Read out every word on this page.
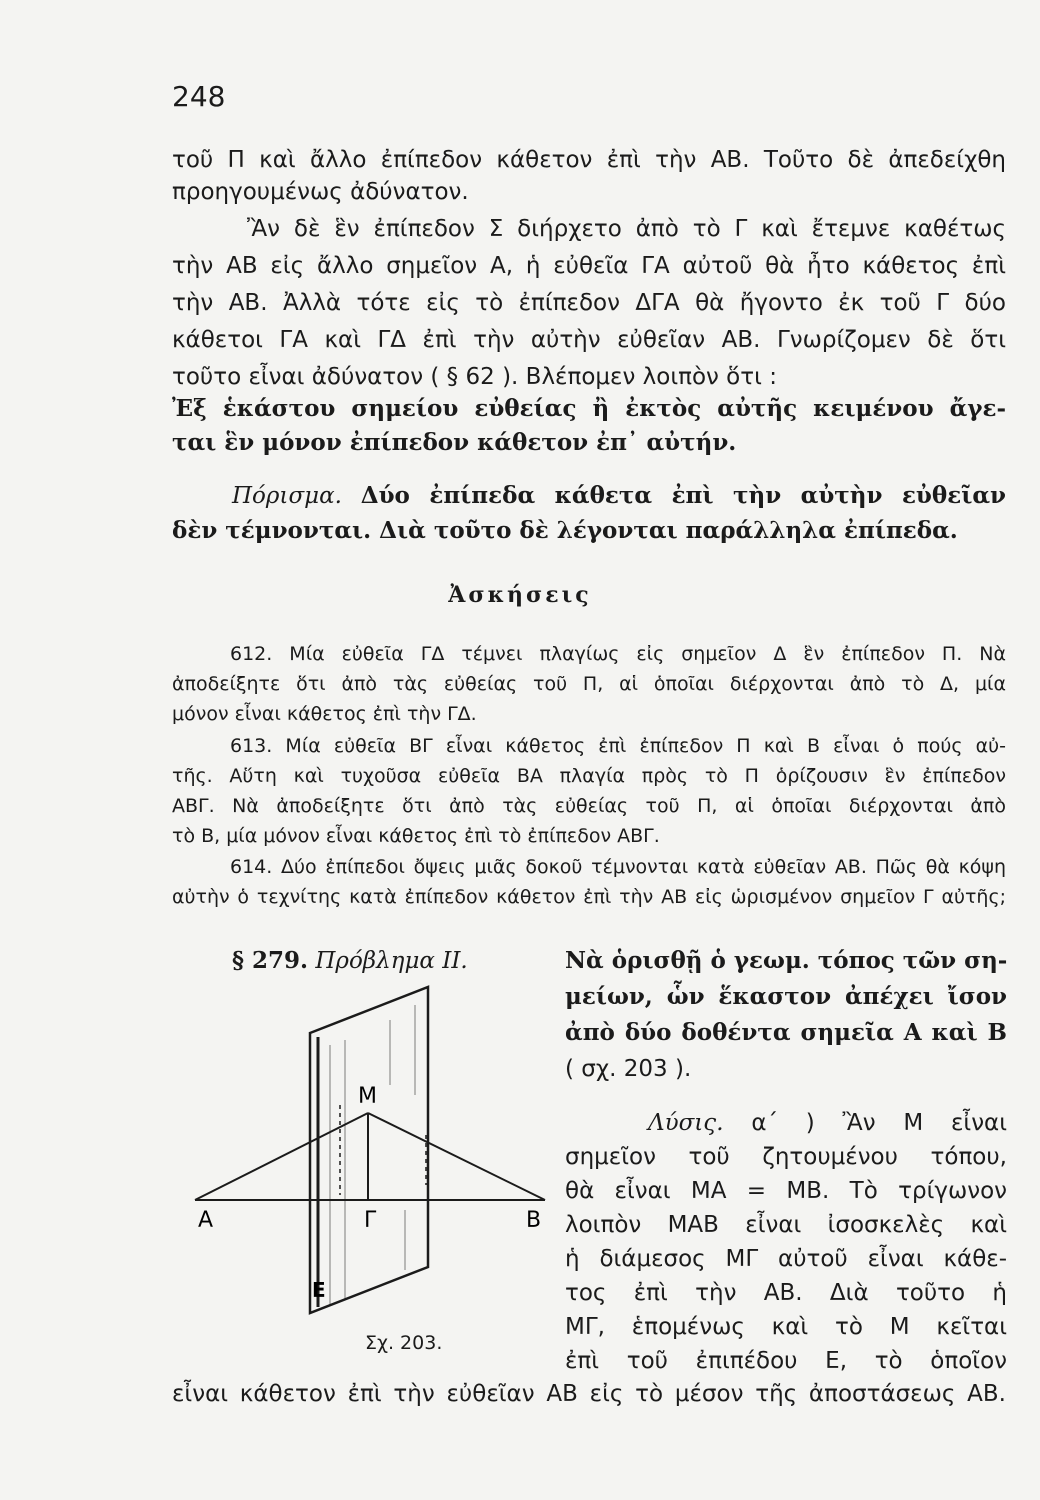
248
τοῦ Π καὶ ἄλλο ἐπίπεδον κάθετον ἐπὶ τὴν ΑΒ. Τοῦτο δὲ ἀπεδείχθη
προηγουμένως ἀδύνατον.
Ἂν δὲ ἓν ἐπίπεδον Σ διήρχετο ἀπὸ τὸ Γ καὶ ἔτεμνε καθέτως
τὴν ΑΒ εἰς ἄλλο σημεῖον Α, ἡ εὐθεῖα ΓΑ αὐτοῦ θὰ ἦτο κάθετος ἐπὶ
τὴν ΑΒ. Ἀλλὰ τότε εἰς τὸ ἐπίπεδον ΔΓΑ θὰ ἤγοντο ἐκ τοῦ Γ δύο
κάθετοι ΓΑ καὶ ΓΔ ἐπὶ τὴν αὐτὴν εὐθεῖαν ΑΒ. Γνωρίζομεν δὲ ὅτι
τοῦτο εἶναι ἀδύνατον ( § 62 ). Βλέπομεν λοιπὸν ὅτι :
Ἐξ ἑκάστου σημείου εὐθείας ἢ ἐκτὸς αὐτῆς κειμένου ἄγε-
ται ἓν μόνον ἐπίπεδον κάθετον ἐπ᾽ αὐτήν.
Πόρισμα. Δύο ἐπίπεδα κάθετα ἐπὶ τὴν αὐτὴν εὐθεῖαν
δὲν τέμνονται. Διὰ τοῦτο δὲ λέγονται παράλληλα ἐπίπεδα.
Ἀσκήσεις
612. Μία εὐθεῖα ΓΔ τέμνει πλαγίως εἰς σημεῖον Δ ἓν ἐπίπεδον Π. Νὰ
ἀποδείξητε ὅτι ἀπὸ τὰς εὐθείας τοῦ Π, αἱ ὁποῖαι διέρχονται ἀπὸ τὸ Δ, μία
μόνον εἶναι κάθετος ἐπὶ τὴν ΓΔ.
613. Μία εὐθεῖα ΒΓ εἶναι κάθετος ἐπὶ ἐπίπεδον Π καὶ Β εἶναι ὁ πούς αὐ-
τῆς. Αὕτη καὶ τυχοῦσα εὐθεῖα ΒΑ πλαγία πρὸς τὸ Π ὁρίζουσιν ἓν ἐπίπεδον
ΑΒΓ. Νὰ ἀποδείξητε ὅτι ἀπὸ τὰς εὐθείας τοῦ Π, αἱ ὁποῖαι διέρχονται ἀπὸ
τὸ Β, μία μόνον εἶναι κάθετος ἐπὶ τὸ ἐπίπεδον ΑΒΓ.
614. Δύο ἐπίπεδοι ὄψεις μιᾶς δοκοῦ τέμνονται κατὰ εὐθεῖαν ΑΒ. Πῶς θὰ κόψη
αὐτὴν ὁ τεχνίτης κατὰ ἐπίπεδον κάθετον ἐπὶ τὴν ΑΒ εἰς ὡρισμένον σημεῖον Γ αὐτῆς;
§ 279. Πρόβλημα ΙΙ.	Νὰ ὁρισθῇ ὁ γεωμ. τόπος τῶν ση-
μείων, ὧν ἕκαστον ἀπέχει ἴσον
ἀπὸ δύο δοθέντα σημεῖα Α καὶ Β
( σχ. 203 ).
Λύσις. α΄ ) Ἂν Μ εἶναι
σημεῖον τοῦ ζητουμένου τόπου,
θὰ εἶναι ΜΑ = ΜΒ. Τὸ τρίγωνον
λοιπὸν ΜΑΒ εἶναι ἰσοσκελὲς καὶ
ἡ διάμεσος ΜΓ αὐτοῦ εἶναι κάθε-
τος ἐπὶ τὴν ΑΒ. Διὰ τοῦτο ἡ
ΜΓ, ἑπομένως καὶ τὸ Μ κεῖται
ἐπὶ τοῦ ἐπιπέδου Ε, τὸ ὁποῖον
εἶναι κάθετον ἐπὶ τὴν εὐθεῖαν ΑΒ εἰς τὸ μέσον τῆς ἀποστάσεως ΑΒ.
Μ
Α	Γ	Β
Ε
Σχ. 203.
